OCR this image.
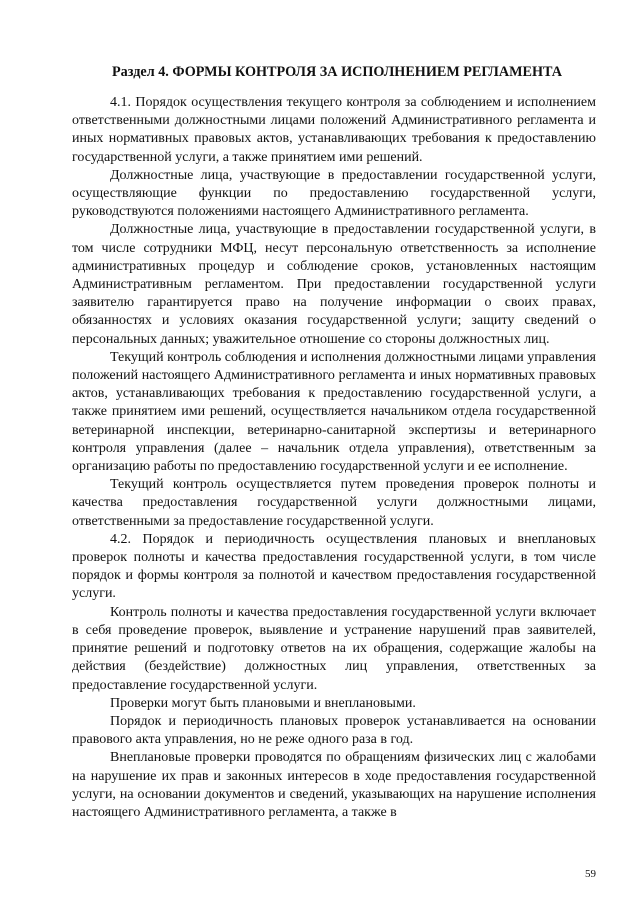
Раздел 4. ФОРМЫ КОНТРОЛЯ ЗА ИСПОЛНЕНИЕМ РЕГЛАМЕНТА

4.1. Порядок осуществления текущего контроля за соблюдением и исполнением ответственными должностными лицами положений Административного регламента и иных нормативных правовых актов, устанавливающих требования к предоставлению государственной услуги, а также принятием ими решений.

Должностные лица, участвующие в предоставлении государственной услуги, осуществляющие функции по предоставлению государственной услуги, руководствуются положениями настоящего Административного регламента.

Должностные лица, участвующие в предоставлении государственной услуги, в том числе сотрудники МФЦ, несут персональную ответственность за исполнение административных процедур и соблюдение сроков, установленных настоящим Административным регламентом. При предоставлении государственной услуги заявителю гарантируется право на получение информации о своих правах, обязанностях и условиях оказания государственной услуги; защиту сведений о персональных данных; уважительное отношение со стороны должностных лиц.

Текущий контроль соблюдения и исполнения должностными лицами управления положений настоящего Административного регламента и иных нормативных правовых актов, устанавливающих требования к предоставлению государственной услуги, а также принятием ими решений, осуществляется начальником отдела государственной ветеринарной инспекции, ветеринарно-санитарной экспертизы и ветеринарного контроля управления (далее – начальник отдела управления), ответственным за организацию работы по предоставлению государственной услуги и ее исполнение.

Текущий контроль осуществляется путем проведения проверок полноты и качества предоставления государственной услуги должностными лицами, ответственными за предоставление государственной услуги.

4.2. Порядок и периодичность осуществления плановых и внеплановых проверок полноты и качества предоставления государственной услуги, в том числе порядок и формы контроля за полнотой и качеством предоставления государственной услуги.

Контроль полноты и качества предоставления государственной услуги включает в себя проведение проверок, выявление и устранение нарушений прав заявителей, принятие решений и подготовку ответов на их обращения, содержащие жалобы на действия (бездействие) должностных лиц управления, ответственных за предоставление государственной услуги.

Проверки могут быть плановыми и внеплановыми.

Порядок и периодичность плановых проверок устанавливается на основании правового акта управления, но не реже одного раза в год.

Внеплановые проверки проводятся по обращениям физических лиц с жалобами на нарушение их прав и законных интересов в ходе предоставления государственной услуги, на основании документов и сведений, указывающих на нарушение исполнения настоящего Административного регламента, а также в

59
